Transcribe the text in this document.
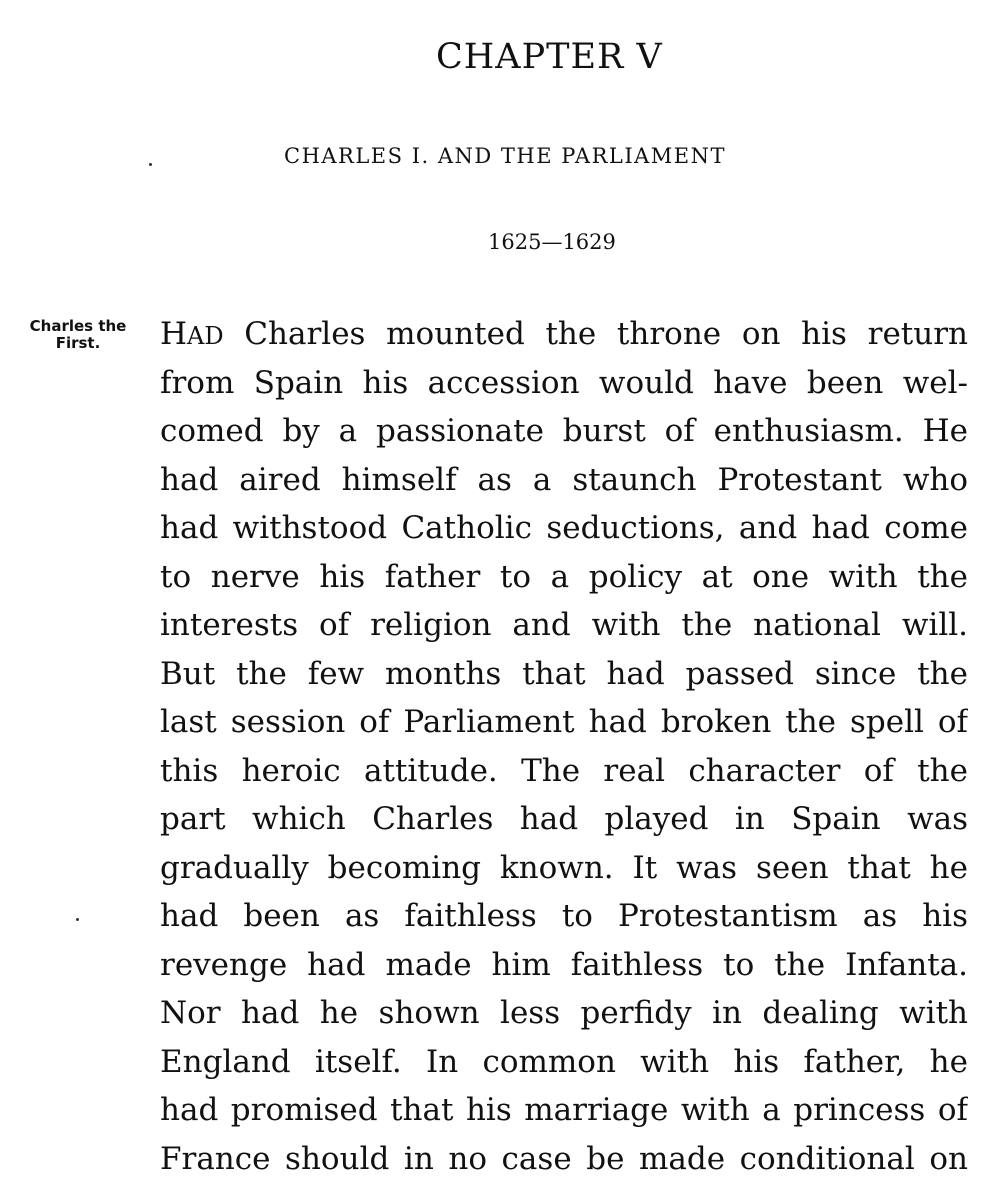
CHAPTER V
CHARLES I. AND THE PARLIAMENT
1625—1629
Charles the
First.	HAD Charles mounted the throne on his return
from Spain his accession would have been wel-
comed by a passionate burst of enthusiasm. He
had aired himself as a staunch Protestant who
had withstood Catholic seductions, and had come
to nerve his father to a policy at one with the
interests of religion and with the national will.
But the few months that had passed since the
last session of Parliament had broken the spell of
this heroic attitude. The real character of the
part which Charles had played in Spain was
gradually becoming known. It was seen that he
had been as faithless to Protestantism as his
revenge had made him faithless to the Infanta.
Nor had he shown less perfidy in dealing with
England itself. In common with his father, he
had promised that his marriage with a princess of
France should in no case be made conditional on
